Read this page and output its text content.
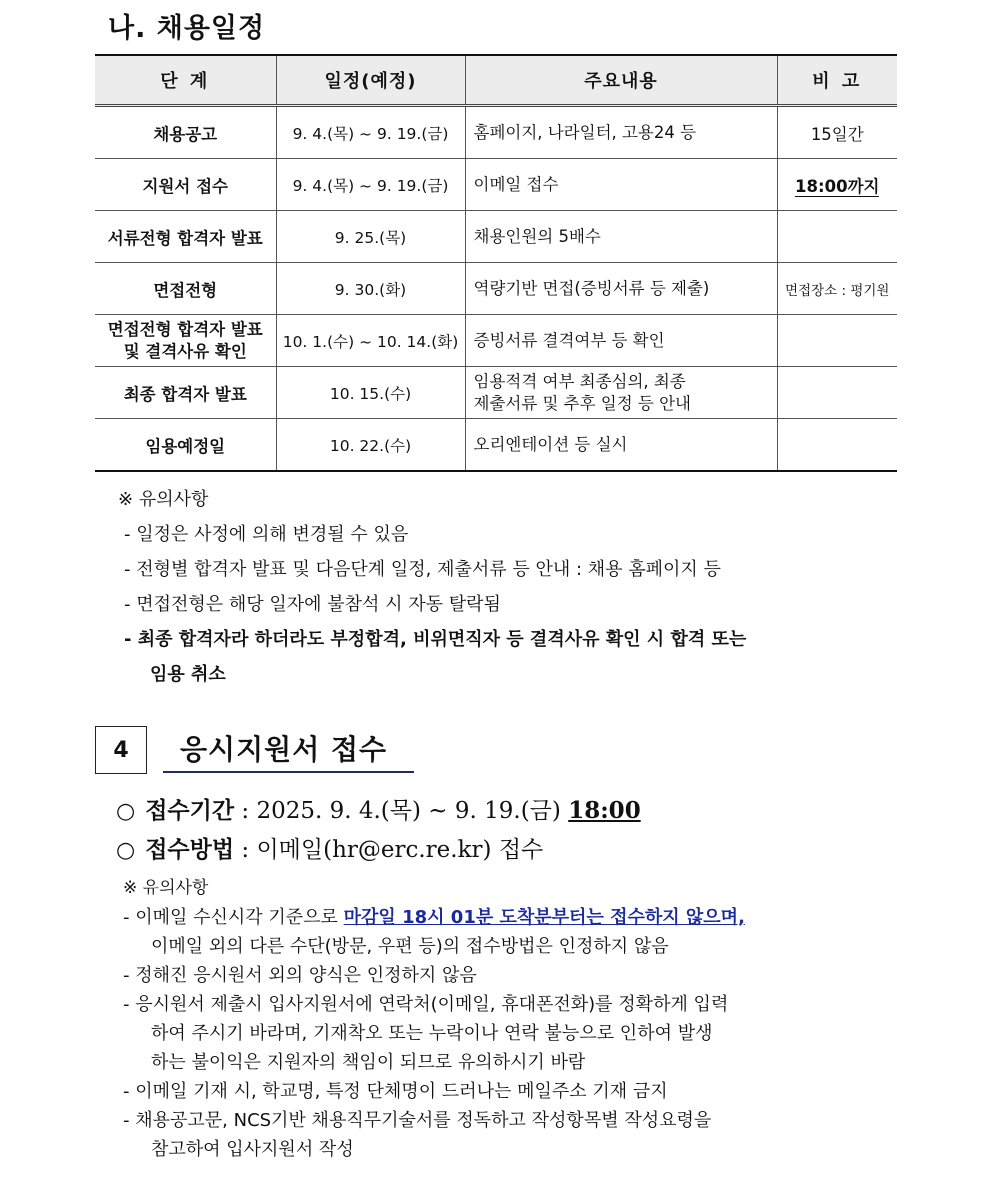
나. 채용일정
단 계	일정(예정)	주요내용	비 고
채용공고	9. 4.(목) ~ 9. 19.(금)	홈페이지, 나라일터, 고용24 등	15일간
지원서 접수	9. 4.(목) ~ 9. 19.(금)	이메일 접수	18:00까지
서류전형 합격자 발표	9. 25.(목)	채용인원의 5배수	
면접전형	9. 30.(화)	역량기반 면접(증빙서류 등 제출)	면접장소 : 평기원

면접전형 합격자 발표
및 결격사유 확인	10. 1.(수) ~ 10. 14.(화)	증빙서류 결격여부 등 확인	
최종 합격자 발표	10. 15.(수)	임용적격 여부 최종심의, 최종
제출서류 및 추후 일정 등 안내	

임용예정일	10. 22.(수)	오리엔테이션 등 실시	
※ 유의사항
- 일정은 사정에 의해 변경될 수 있음
- 전형별 합격자 발표 및 다음단계 일정, 제출서류 등 안내 : 채용 홈페이지 등
- 면접전형은 해당 일자에 불참석 시 자동 탈락됨
- 최종 합격자라 하더라도 부정합격, 비위면직자 등 결격사유 확인 시 합격 또는
임용 취소
4	응시지원서 접수
○ 접수기간 : 2025. 9. 4.(목) ~ 9. 19.(금) 18:00
○ 접수방법 : 이메일(hr@erc.re.kr) 접수
※ 유의사항
- 이메일 수신시각 기준으로 마감일 18시 01분 도착분부터는 접수하지 않으며,
이메일 외의 다른 수단(방문, 우편 등)의 접수방법은 인정하지 않음
- 정해진 응시원서 외의 양식은 인정하지 않음
- 응시원서 제출시 입사지원서에 연락처(이메일, 휴대폰전화)를 정확하게 입력
하여 주시기 바라며, 기재착오 또는 누락이나 연락 불능으로 인하여 발생
하는 불이익은 지원자의 책임이 되므로 유의하시기 바람
- 이메일 기재 시, 학교명, 특정 단체명이 드러나는 메일주소 기재 금지
- 채용공고문, NCS기반 채용직무기술서를 정독하고 작성항목별 작성요령을
참고하여 입사지원서 작성
